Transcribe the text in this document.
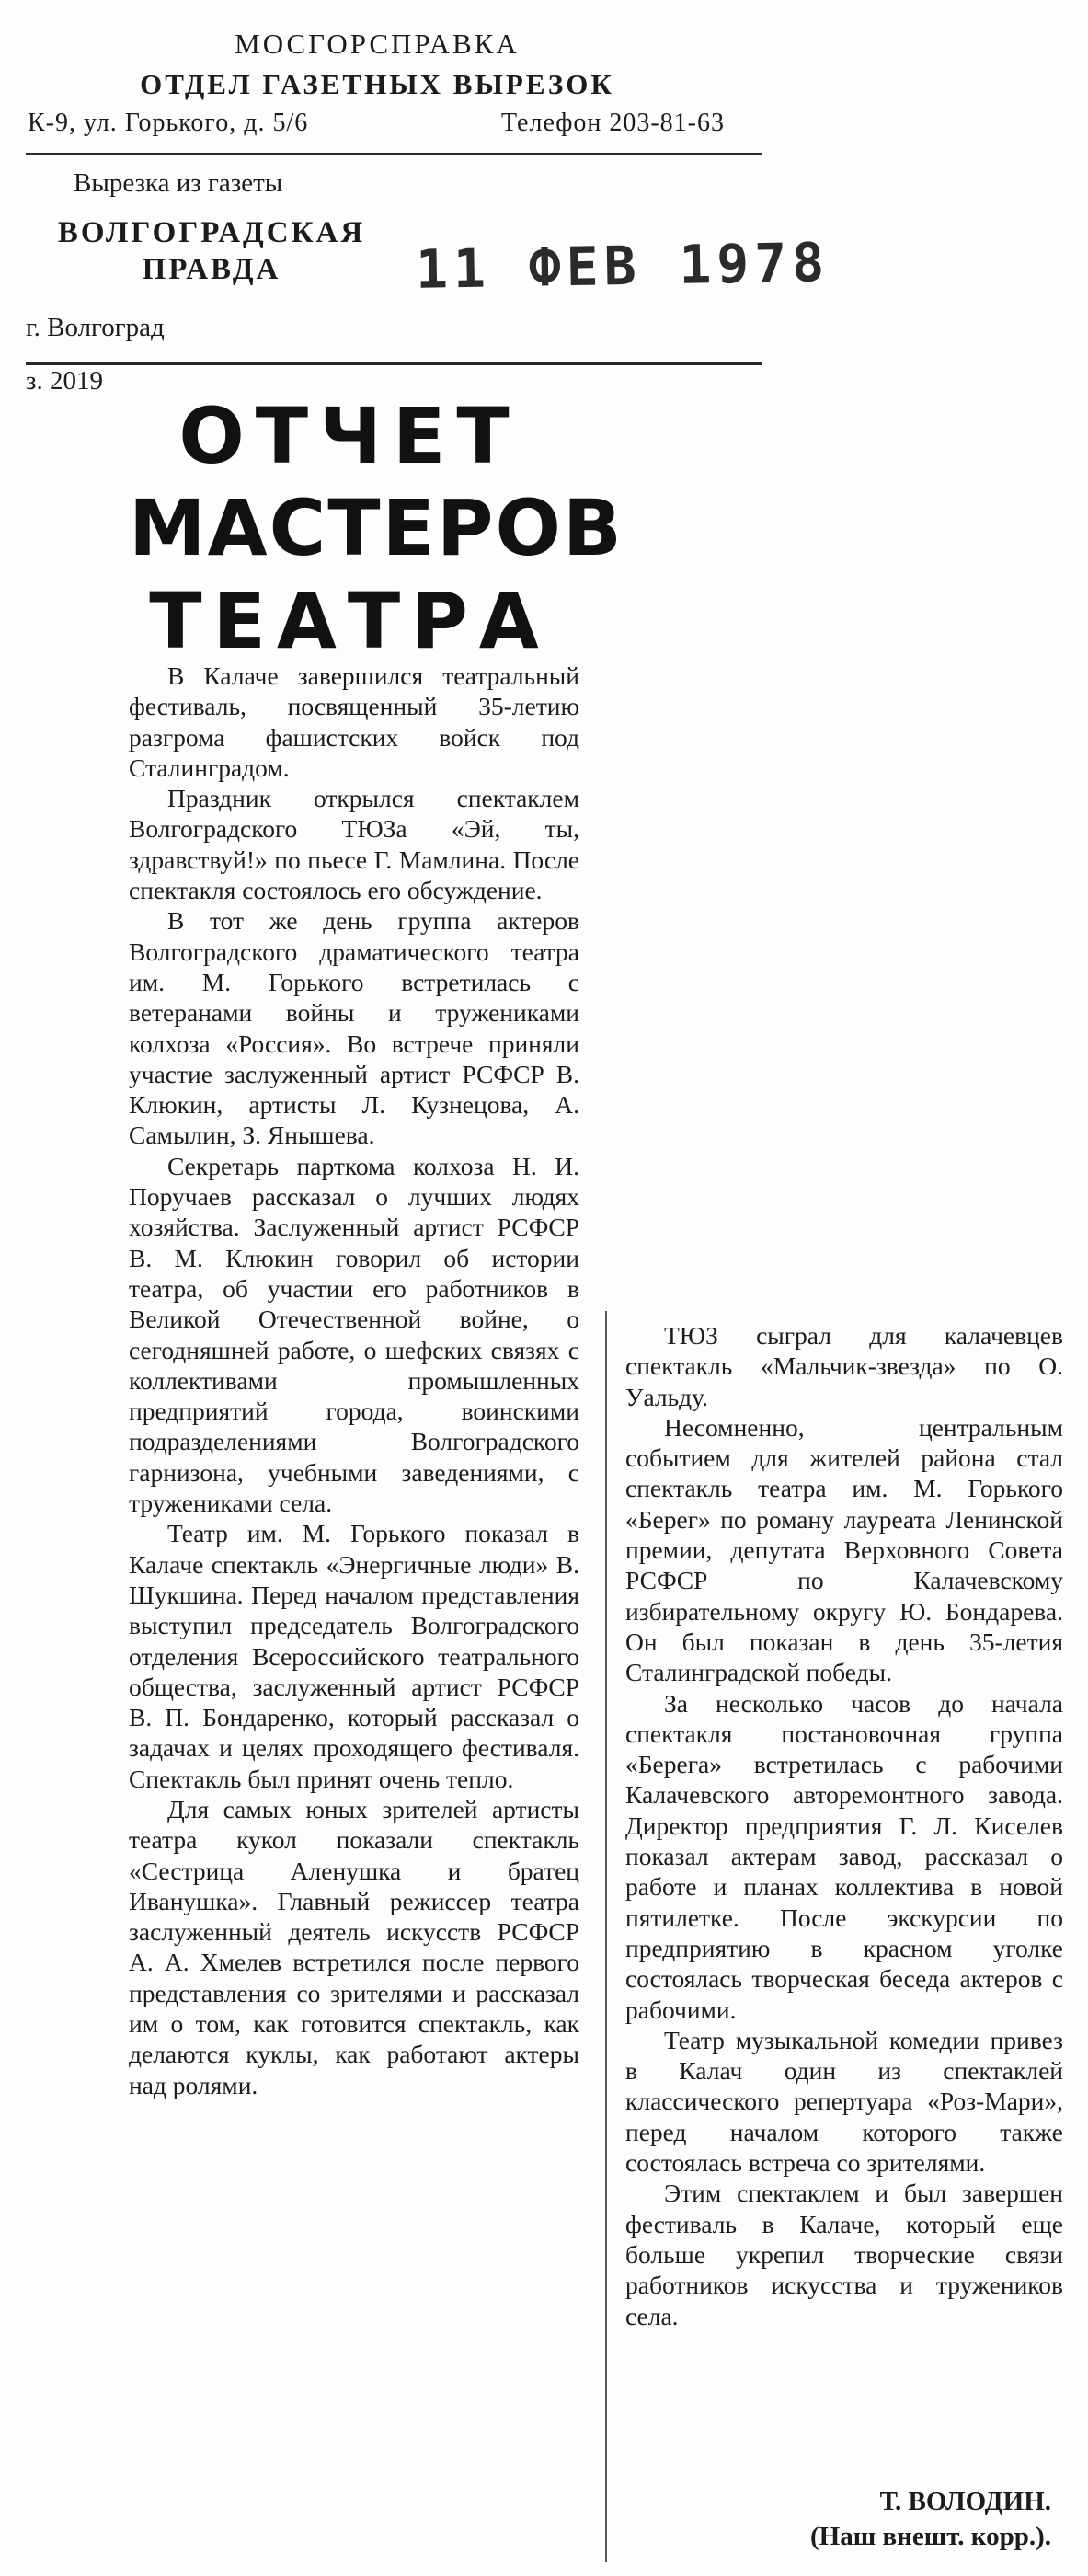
МОСГОРСПРАВКА
ОТДЕЛ ГАЗЕТНЫХ ВЫРЕЗОК
К-9, ул. Горького, д. 5/6	Телефон 203-81-63
Вырезка из газеты
ВОЛГОГРАДСКАЯ
ПРАВДА	11 ФЕВ 1978
г. Волгоград
з. 2019
ОТЧЕТ
МАСТЕРОВ
ТЕАТРА

В Калаче завершился театральный фестиваль, посвященный 35-летию разгрома фашистских войск под Сталинградом.

Праздник открылся спектаклем Волгоградского ТЮЗа «Эй, ты, здравствуй!» по пьесе Г. Мамлина. После спектакля состоялось его обсуждение.

В тот же день группа актеров Волгоградского драматического театра им. М. Горького встретилась с ветеранами войны и тружениками колхоза «Россия». Во встрече приняли участие заслуженный артист РСФСР В. Клюкин, артисты Л. Кузнецова, А. Самылин, З. Янышева.

Секретарь парткома колхоза Н. И. Поручаев рассказал о лучших людях хозяйства. Заслуженный артист РСФСР В. М. Клюкин говорил об истории театра, об участии его работников в Великой Отечественной войне, о сегодняшней работе, о шефских связях с коллективами промышленных предприятий города, воинскими подразделениями Волгоградского гарнизона, учебными заведениями, с тружениками села.

Театр им. М. Горького показал в Калаче спектакль «Энергичные люди» В. Шукшина. Перед началом представления выступил председатель Волгоградского отделения Всероссийского театрального общества, заслуженный артист РСФСР В. П. Бондаренко, который рассказал о задачах и целях проходящего фестиваля. Спектакль был принят очень тепло.

Для самых юных зрителей артисты театра кукол показали спектакль «Сестрица Аленушка и братец Иванушка». Главный режиссер театра заслуженный деятель искусств РСФСР А. А. Хмелев встретился после первого представления со зрителями и рассказал им о том, как готовится спектакль, как делаются куклы, как работают актеры над ролями.

ТЮЗ сыграл для калачевцев спектакль «Мальчик-звезда» по О. Уальду.

Несомненно, центральным событием для жителей района стал спектакль театра им. М. Горького «Берег» по роману лауреата Ленинской премии, депутата Верховного Совета РСФСР по Калачевскому избирательному округу Ю. Бондарева. Он был показан в день 35-летия Сталинградской победы.

За несколько часов до начала спектакля постановочная группа «Берега» встретилась с рабочими Калачевского авторемонтного завода. Директор предприятия Г. Л. Киселев показал актерам завод, рассказал о работе и планах коллектива в новой пятилетке. После экскурсии по предприятию в красном уголке состоялась творческая беседа актеров с рабочими.

Театр музыкальной комедии привез в Калач один из спектаклей классического репертуара «Роз-Мари», перед началом которого также состоялась встреча со зрителями.

Этим спектаклем и был завершен фестиваль в Калаче, который еще больше укрепил творческие связи работников искусства и тружеников села.

Т. ВОЛОДИН.
(Наш внешт. корр.).
